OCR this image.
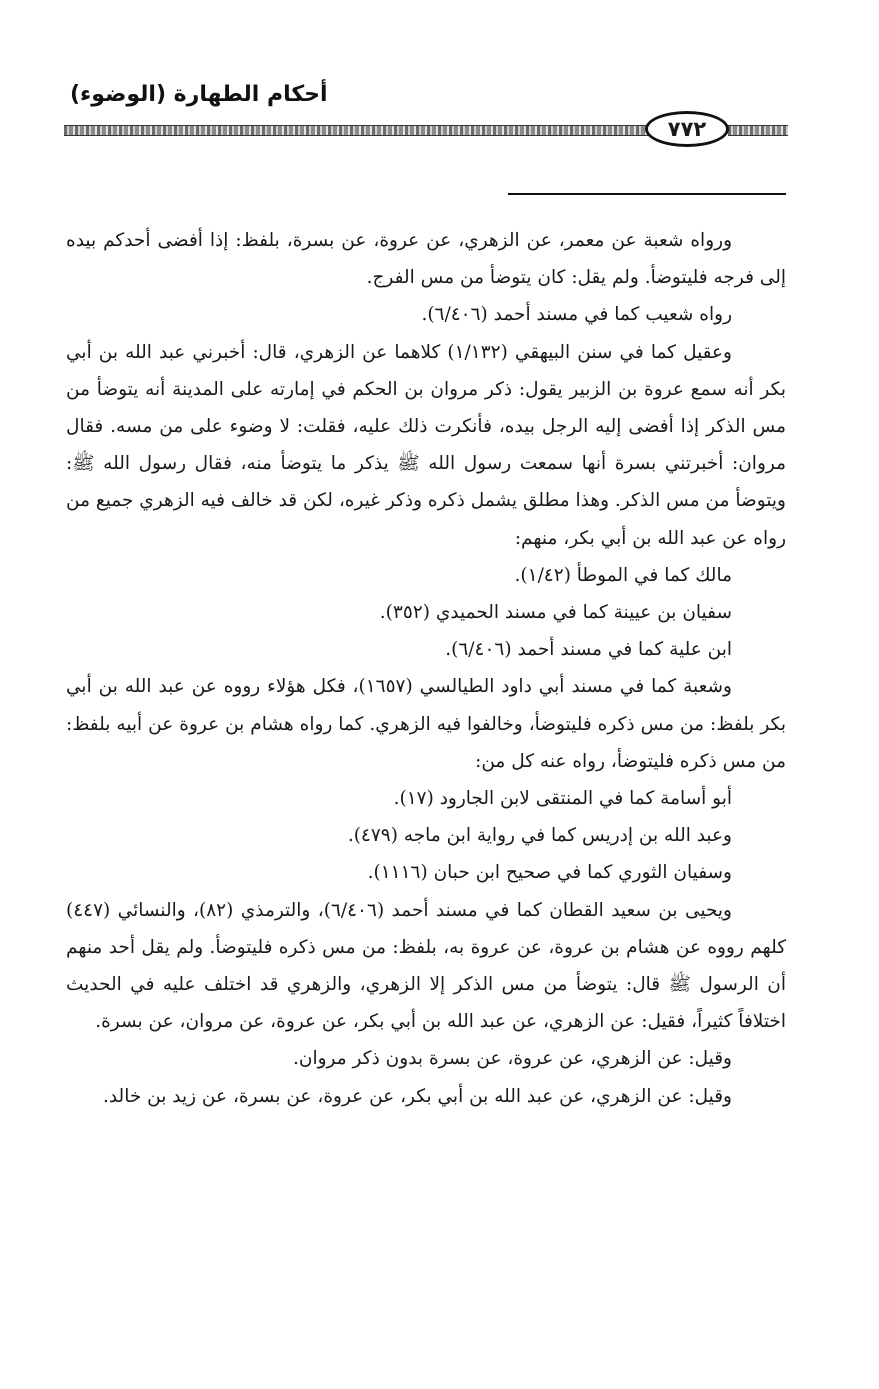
أحكام الطهارة (الوضوء)
٧٧٢

ورواه شعبة عن معمر، عن الزهري، عن عروة، عن بسرة، بلفظ: إذا أفضى أحدكم بيده إلى فرجه فليتوضأ. ولم يقل: كان يتوضأ من مس الفرج.

رواه شعيب كما في مسند أحمد (٦/٤٠٦).

وعقيل كما في سنن البيهقي (١/١٣٢) كلاهما عن الزهري، قال: أخبرني عبد الله بن أبي بكر أنه سمع عروة بن الزبير يقول: ذكر مروان بن الحكم في إمارته على المدينة أنه يتوضأ من مس الذكر إذا أفضى إليه الرجل بيده، فأنكرت ذلك عليه، فقلت: لا وضوء على من مسه. فقال مروان: أخبرتني بسرة أنها سمعت رسول الله ﷺ يذكر ما يتوضأ منه، فقال رسول الله ﷺ: ويتوضأ من مس الذكر. وهذا مطلق يشمل ذكره وذكر غيره، لكن قد خالف فيه الزهري جميع من رواه عن عبد الله بن أبي بكر، منهم:

مالك كما في الموطأ (١/٤٢).

سفيان بن عيينة كما في مسند الحميدي (٣٥٢).

ابن علية كما في مسند أحمد (٦/٤٠٦).

وشعبة كما في مسند أبي داود الطيالسي (١٦٥٧)، فكل هؤلاء رووه عن عبد الله بن أبي بكر بلفظ: من مس ذكره فليتوضأ، وخالفوا فيه الزهري. كما رواه هشام بن عروة عن أبيه بلفظ: من مس ذكره فليتوضأ، رواه عنه كل من:

أبو أسامة كما في المنتقى لابن الجارود (١٧).

وعبد الله بن إدريس كما في رواية ابن ماجه (٤٧٩).

وسفيان الثوري كما في صحيح ابن حبان (١١١٦).

ويحيى بن سعيد القطان كما في مسند أحمد (٦/٤٠٦)، والترمذي (٨٢)، والنسائي (٤٤٧) كلهم رووه عن هشام بن عروة، عن عروة به، بلفظ: من مس ذكره فليتوضأ. ولم يقل أحد منهم أن الرسول ﷺ قال: يتوضأ من مس الذكر إلا الزهري، والزهري قد اختلف عليه في الحديث اختلافاً كثيراً، فقيل: عن الزهري، عن عبد الله بن أبي بكر، عن عروة، عن مروان، عن بسرة.

وقيل: عن الزهري، عن عروة، عن بسرة بدون ذكر مروان.

وقيل: عن الزهري، عن عبد الله بن أبي بكر، عن عروة، عن بسرة، عن زيد بن خالد.
